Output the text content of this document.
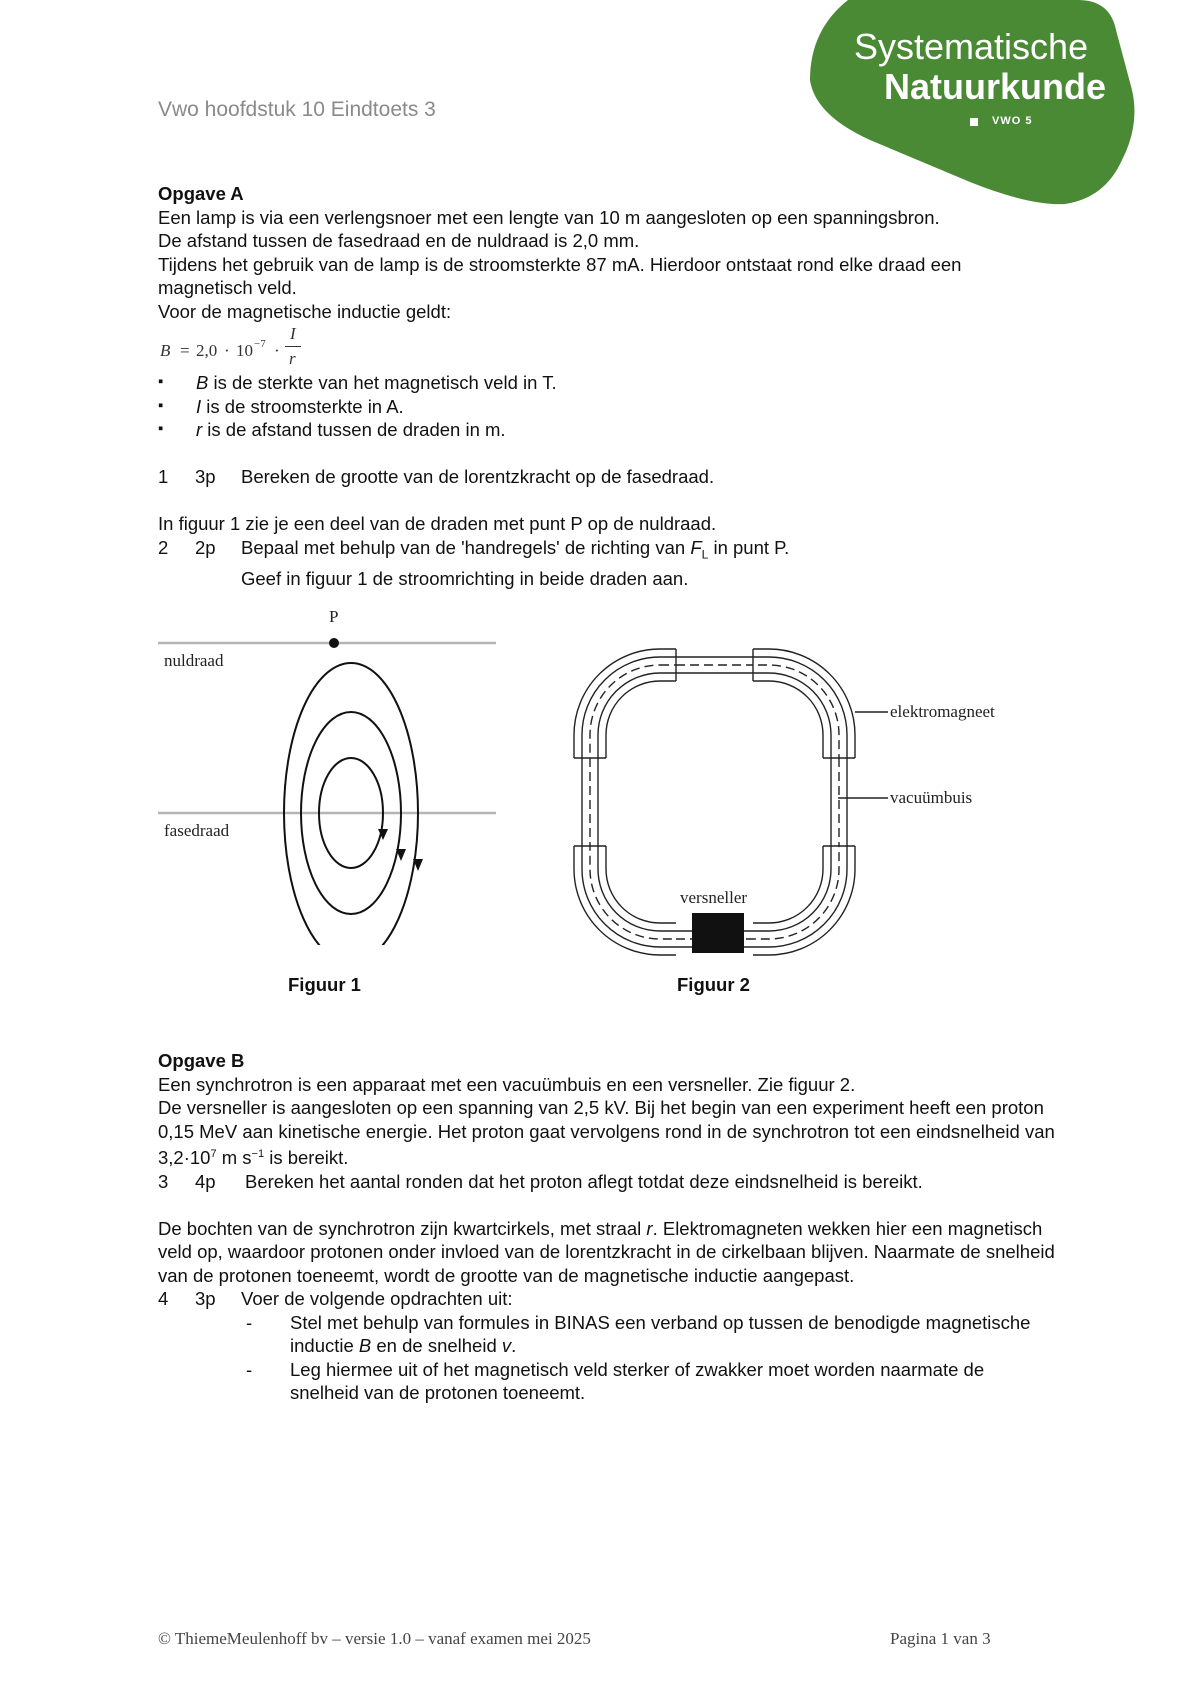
Vwo hoofdstuk 10 Eindtoets 3
Systematische
Natuurkunde
VWO 5

Opgave A

Een lamp is via een verlengsnoer met een lengte van 10 m aangesloten op een spanningsbron.

De afstand tussen de fasedraad en de nuldraad is 2,0 mm.

Tijdens het gebruik van de lamp is de stroomsterkte 87 mA. Hierdoor ontstaat rond elke draad een magnetisch veld.

Voor de magnetische inductie geldt:

B = 2,0 · 10 −7 ·
I
r
▪ B is de sterkte van het magnetisch veld in T.
▪ I is de stroomsterkte in A.
▪ r is de afstand tussen de draden in m.
1	3p	Bereken de grootte van de lorentzkracht op de fasedraad.

In figuur 1 zie je een deel van de draden met punt P op de nuldraad.

2	2p	Bepaal met behulp van de 'handregels' de richting van $F_L$ in punt P.
Geef in figuur 1 de stroomrichting in beide draden aan.
P
nuldraad
fasedraad
Figuur 1
versneller
elektromagneet
vacuümbuis
Figuur 2

Opgave B

Een synchrotron is een apparaat met een vacuümbuis en een versneller. Zie figuur 2.

De versneller is aangesloten op een spanning van 2,5 kV. Bij het begin van een experiment heeft een proton 0,15 MeV aan kinetische energie. Het proton gaat vervolgens rond in de synchrotron tot een eindsnelheid van $3,2\cdot 10^7$ m $s^{-1}$ is bereikt.

3	4p	Bereken het aantal ronden dat het proton aflegt totdat deze eindsnelheid is bereikt.

De bochten van de synchrotron zijn kwartcirkels, met straal r. Elektromagneten wekken hier een magnetisch veld op, waardoor protonen onder invloed van de lorentzkracht in de cirkelbaan blijven. Naarmate de snelheid van de protonen toeneemt, wordt de grootte van de magnetische inductie aangepast.

4	3p	Voer de volgende opdrachten uit:
-	Stel met behulp van formules in BINAS een verband op tussen de benodigde magnetische inductie B en de snelheid v.
-	Leg hiermee uit of het magnetisch veld sterker of zwakker moet worden naarmate de snelheid van de protonen toeneemt.
© ThiemeMeulenhoff bv – versie 1.0 – vanaf examen mei 2025	Pagina 1 van 3
